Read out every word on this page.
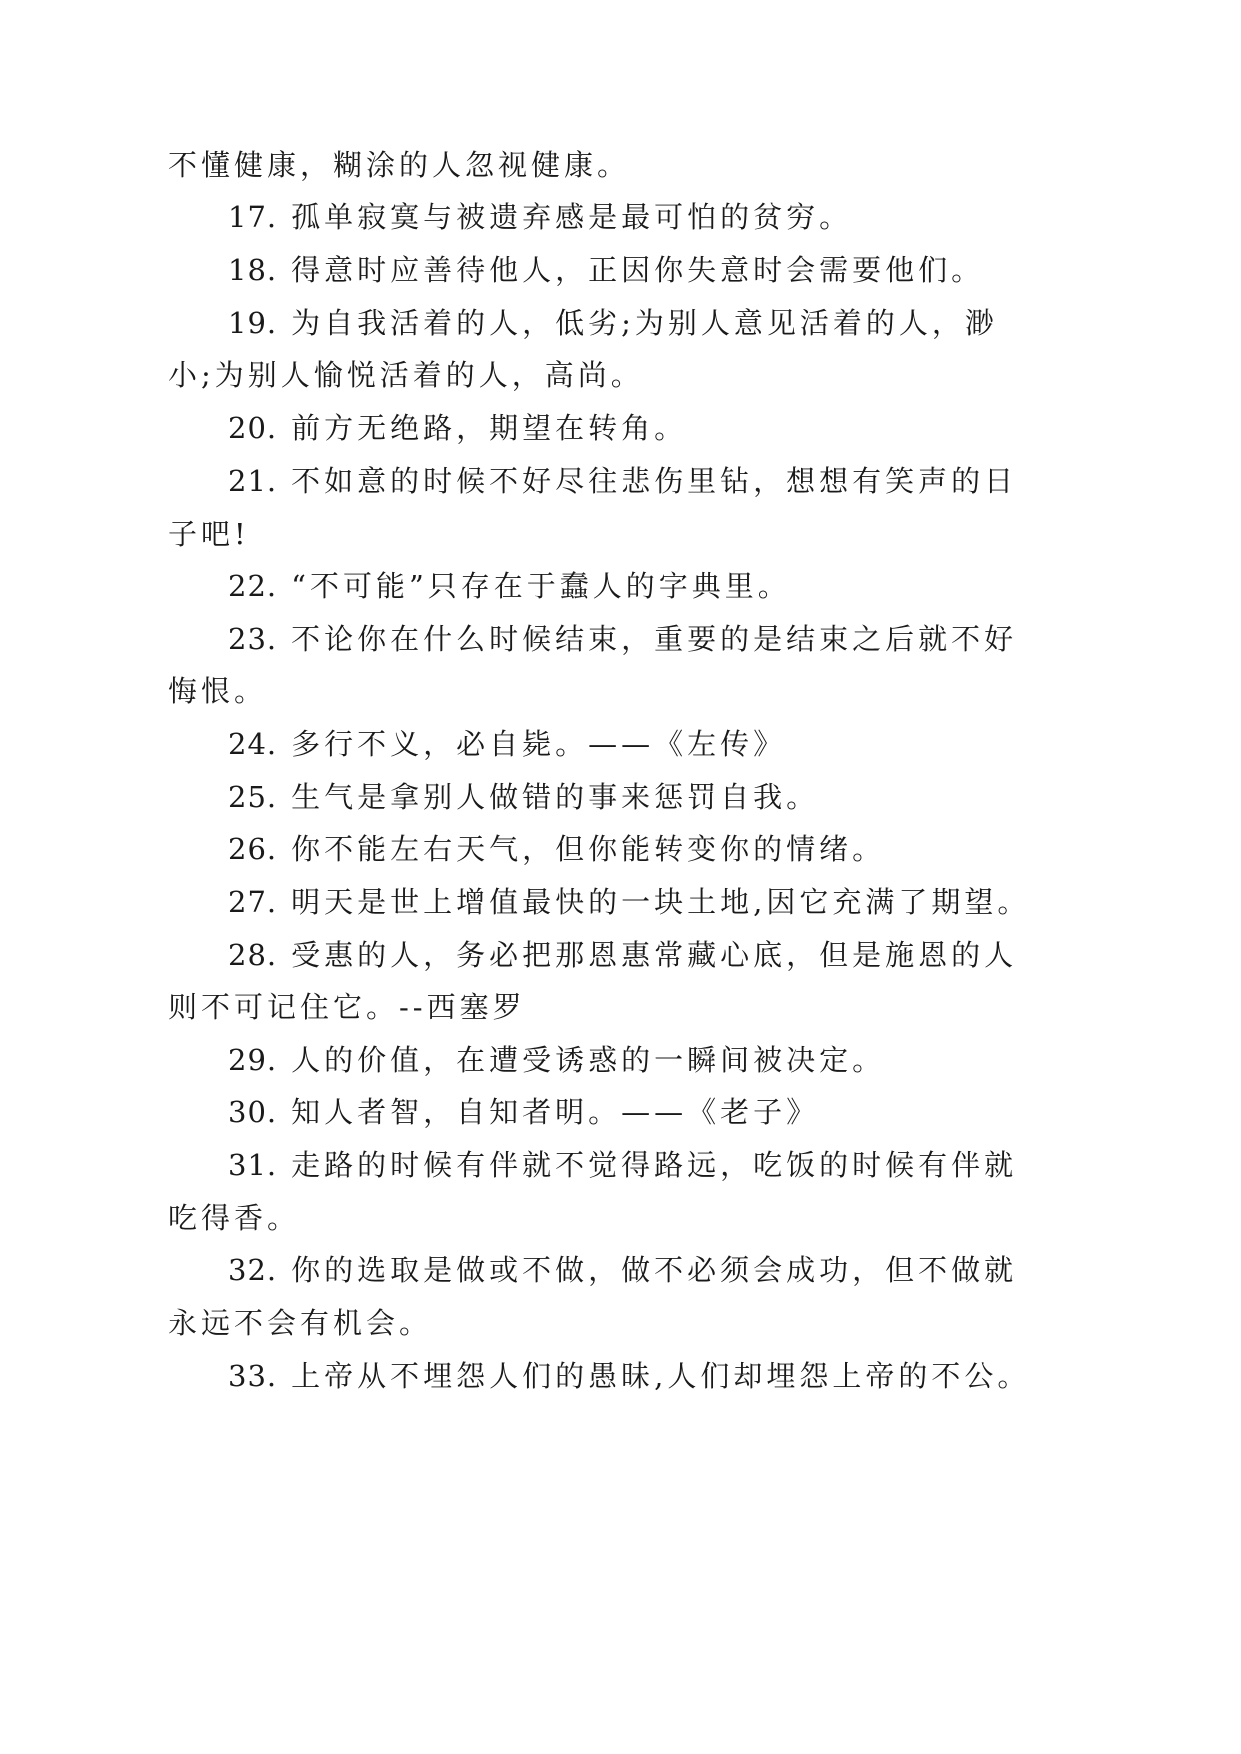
不懂健康，糊涂的人忽视健康。
17. 孤单寂寞与被遗弃感是最可怕的贫穷。
18. 得意时应善待他人，正因你失意时会需要他们。
19. 为自我活着的人，低劣;为别人意见活着的人，渺
小;为别人愉悦活着的人，高尚。
20. 前方无绝路，期望在转角。
21. 不如意的时候不好尽往悲伤里钻，想想有笑声的日
子吧!
22. “不可能”只存在于蠢人的字典里。
23. 不论你在什么时候结束，重要的是结束之后就不好
悔恨。
24. 多行不义，必自毙。——《左传》
25. 生气是拿别人做错的事来惩罚自我。
26. 你不能左右天气，但你能转变你的情绪。
27. 明天是世上增值最快的一块土地,因它充满了期望。
28. 受惠的人，务必把那恩惠常藏心底，但是施恩的人
则不可记住它。--西塞罗
29. 人的价值，在遭受诱惑的一瞬间被决定。
30. 知人者智，自知者明。——《老子》
31. 走路的时候有伴就不觉得路远，吃饭的时候有伴就
吃得香。
32. 你的选取是做或不做，做不必须会成功，但不做就
永远不会有机会。
33. 上帝从不埋怨人们的愚昧,人们却埋怨上帝的不公。
